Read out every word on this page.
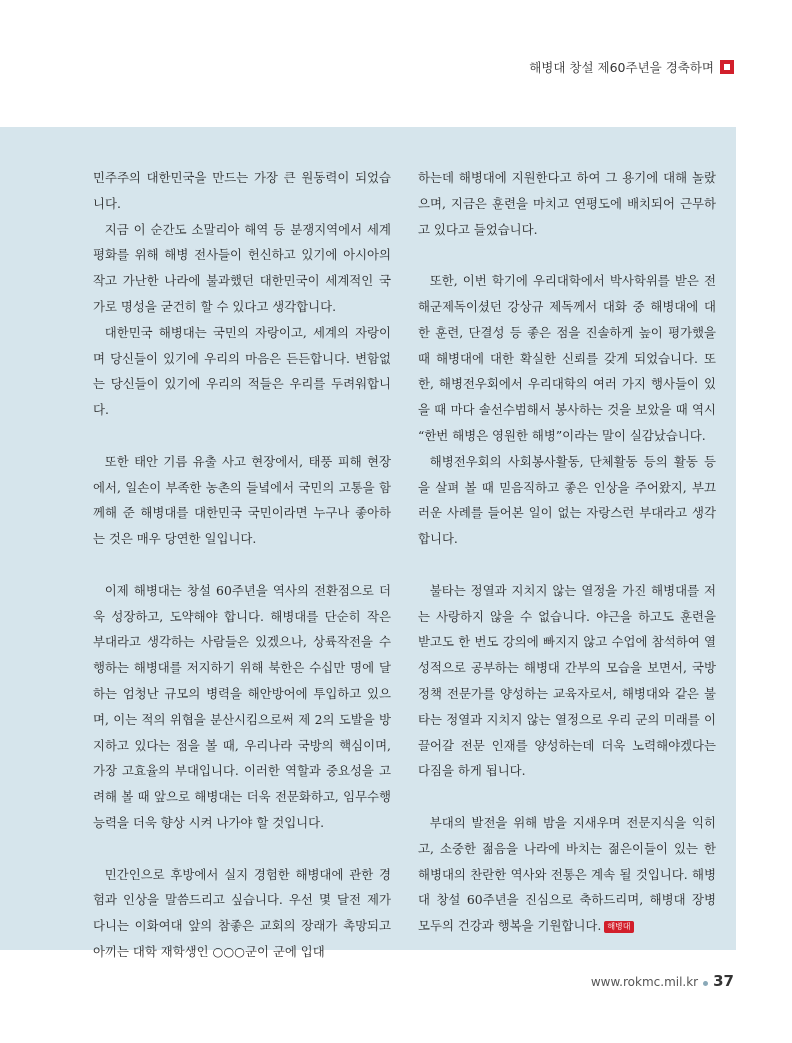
해병대 창설 제60주년을 경축하며

민주주의 대한민국을 만드는 가장 큰 원동력이 되었습니다.

지금 이 순간도 소말리아 해역 등 분쟁지역에서 세계평화를 위해 해병 전사들이 헌신하고 있기에 아시아의 작고 가난한 나라에 불과했던 대한민국이 세계적인 국가로 명성을 굳건히 할 수 있다고 생각합니다.

대한민국 해병대는 국민의 자랑이고, 세계의 자랑이며 당신들이 있기에 우리의 마음은 든든합니다. 변함없는 당신들이 있기에 우리의 적들은 우리를 두려워합니다.

또한 태안 기름 유출 사고 현장에서, 태풍 피해 현장에서, 일손이 부족한 농촌의 들녘에서 국민의 고통을 함께해 준 해병대를 대한민국 국민이라면 누구나 좋아하는 것은 매우 당연한 일입니다.

이제 해병대는 창설 60주년을 역사의 전환점으로 더욱 성장하고, 도약해야 합니다. 해병대를 단순히 작은 부대라고 생각하는 사람들은 있겠으나, 상륙작전을 수행하는 해병대를 저지하기 위해 북한은 수십만 명에 달하는 엄청난 규모의 병력을 해안방어에 투입하고 있으며, 이는 적의 위협을 분산시킴으로써 제 2의 도발을 방지하고 있다는 점을 볼 때, 우리나라 국방의 핵심이며, 가장 고효율의 부대입니다. 이러한 역할과 중요성을 고려해 볼 때 앞으로 해병대는 더욱 전문화하고, 임무수행 능력을 더욱 향상 시켜 나가야 할 것입니다.

민간인으로 후방에서 실지 경험한 해병대에 관한 경험과 인상을 말씀드리고 싶습니다. 우선 몇 달전 제가 다니는 이화여대 앞의 참좋은 교회의 장래가 촉망되고 아끼는 대학 재학생인 ○○○군이 군에 입대

하는데 해병대에 지원한다고 하여 그 용기에 대해 놀랐으며, 지금은 훈련을 마치고 연평도에 배치되어 근무하고 있다고 들었습니다.

또한, 이번 학기에 우리대학에서 박사학위를 받은 전 해군제독이셨던 강상규 제독께서 대화 중 해병대에 대한 훈련, 단결성 등 좋은 점을 진솔하게 높이 평가했을 때 해병대에 대한 확실한 신뢰를 갖게 되었습니다. 또한, 해병전우회에서 우리대학의 여러 가지 행사들이 있을 때 마다 솔선수범해서 봉사하는 것을 보았을 때 역시 “한번 해병은 영원한 해병”이라는 말이 실감났습니다.

해병전우회의 사회봉사활동, 단체활동 등의 활동 등을 살펴 볼 때 믿음직하고 좋은 인상을 주어왔지, 부끄러운 사례를 들어본 일이 없는 자랑스런 부대라고 생각합니다.

불타는 정열과 지치지 않는 열정을 가진 해병대를 저는 사랑하지 않을 수 없습니다. 야근을 하고도 훈련을 받고도 한 번도 강의에 빠지지 않고 수업에 참석하여 열성적으로 공부하는 해병대 간부의 모습을 보면서, 국방정책 전문가를 양성하는 교육자로서, 해병대와 같은 불타는 정열과 지치지 않는 열정으로 우리 군의 미래를 이끌어갈 전문 인재를 양성하는데 더욱 노력해야겠다는 다짐을 하게 됩니다.

부대의 발전을 위해 밤을 지새우며 전문지식을 익히고, 소중한 젊음을 나라에 바치는 젊은이들이 있는 한 해병대의 찬란한 역사와 전통은 계속 될 것입니다. 해병대 창설 60주년을 진심으로 축하드리며, 해병대 장병 모두의 건강과 행복을 기원합니다. 해병대

www.rokmc.mil.kr 37
